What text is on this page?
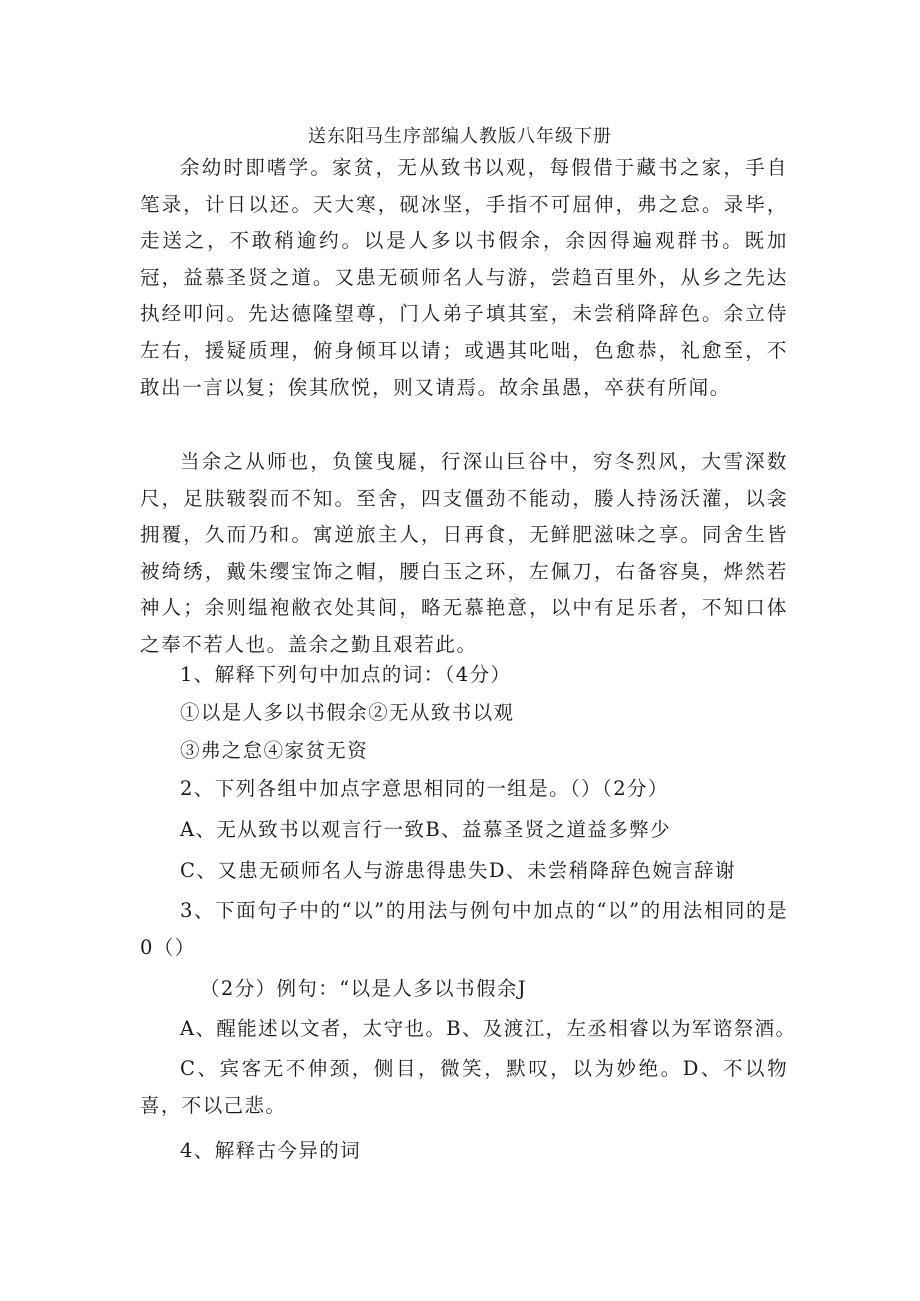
送东阳马生序部编人教版八年级下册

余幼时即嗜学。家贫，无从致书以观，每假借于藏书之家，手自笔录，计日以还。天大寒，砚冰坚，手指不可屈伸，弗之怠。录毕，走送之，不敢稍逾约。以是人多以书假余，余因得遍观群书。既加冠，益慕圣贤之道。又患无硕师名人与游，尝趋百里外，从乡之先达执经叩问。先达德隆望尊，门人弟子填其室，未尝稍降辞色。余立侍左右，援疑质理，俯身倾耳以请；或遇其叱咄，色愈恭，礼愈至，不敢出一言以复；俟其欣悦，则又请焉。故余虽愚，卒获有所闻。

当余之从师也，负箧曳屣，行深山巨谷中，穷冬烈风，大雪深数尺，足肤皲裂而不知。至舍，四支僵劲不能动，媵人持汤沃灌，以衾拥覆，久而乃和。寓逆旅主人，日再食，无鲜肥滋味之享。同舍生皆被绮绣，戴朱缨宝饰之帽，腰白玉之环，左佩刀，右备容臭，烨然若神人；余则缊袍敝衣处其间，略无慕艳意，以中有足乐者，不知口体之奉不若人也。盖余之勤且艰若此。

1、解释下列句中加点的词：（4分）
①以是人多以书假余②无从致书以观
③弗之怠④家贫无资
2、下列各组中加点字意思相同的一组是。（）（2分）
A、无从致书以观言行一致B、益慕圣贤之道益多弊少
C、又患无硕师名人与游患得患失D、未尝稍降辞色婉言辞谢

3、下面句子中的“以”的用法与例句中加点的“以”的用法相同的是0（）

（2分）例句：“以是人多以书假余J
A、醒能述以文者，太守也。B、及渡江，左丞相睿以为军谘祭酒。

C、宾客无不伸颈，侧目，微笑，默叹，以为妙绝。D、不以物喜，不以己悲。

4、解释古今异的词
